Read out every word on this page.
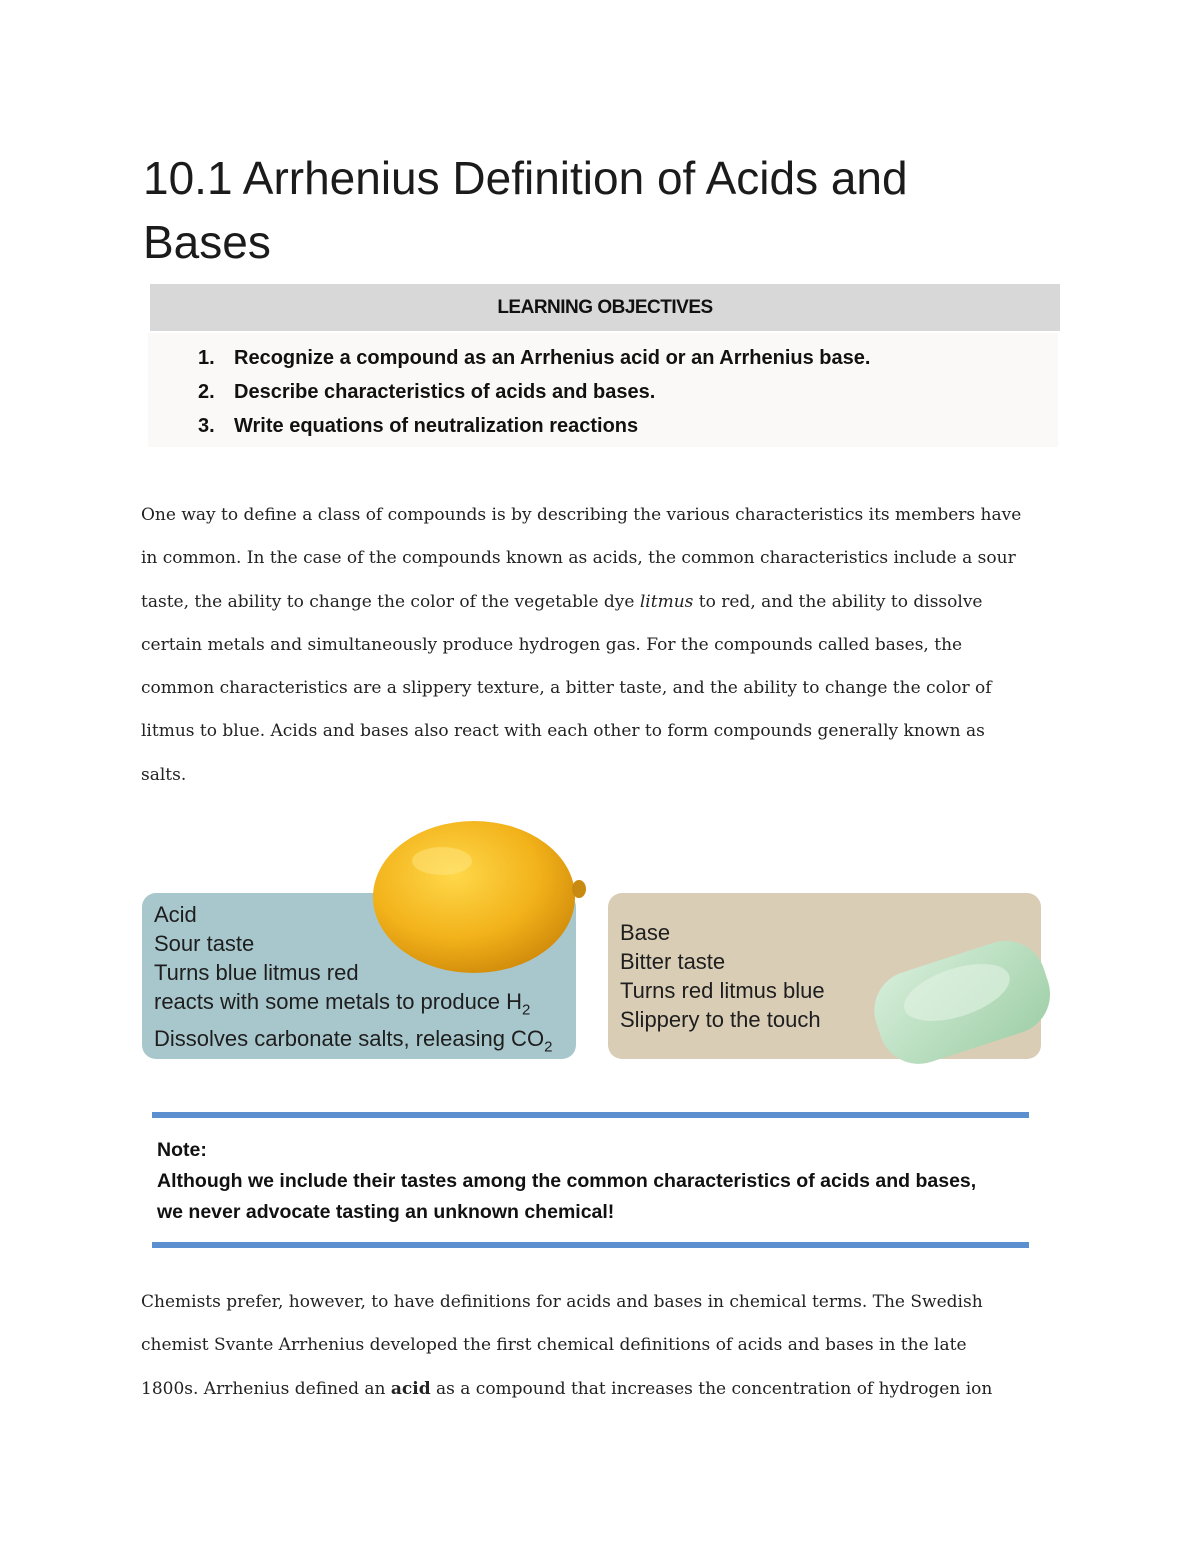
10.1 Arrhenius Definition of Acids and Bases
LEARNING OBJECTIVES
1. Recognize a compound as an Arrhenius acid or an Arrhenius base.
2. Describe characteristics of acids and bases.
3. Write equations of neutralization reactions
One way to define a class of compounds is by describing the various characteristics its members have
in common. In the case of the compounds known as acids, the common characteristics include a sour
taste, the ability to change the color of the vegetable dye litmus to red, and the ability to dissolve
certain metals and simultaneously produce hydrogen gas. For the compounds called bases, the
common characteristics are a slippery texture, a bitter taste, and the ability to change the color of
litmus to blue. Acids and bases also react with each other to form compounds generally known as
salts.
Acid
Sour taste
Turns blue litmus red
reacts with some metals to produce $H_2$
Dissolves carbonate salts, releasing $CO_2$
Base
Bitter taste
Turns red litmus blue
Slippery to the touch
Note:
Although we include their tastes among the common characteristics of acids and bases,
we never advocate tasting an unknown chemical!
Chemists prefer, however, to have definitions for acids and bases in chemical terms. The Swedish
chemist Svante Arrhenius developed the first chemical definitions of acids and bases in the late
1800s. Arrhenius defined an acid as a compound that increases the concentration of hydrogen ion
